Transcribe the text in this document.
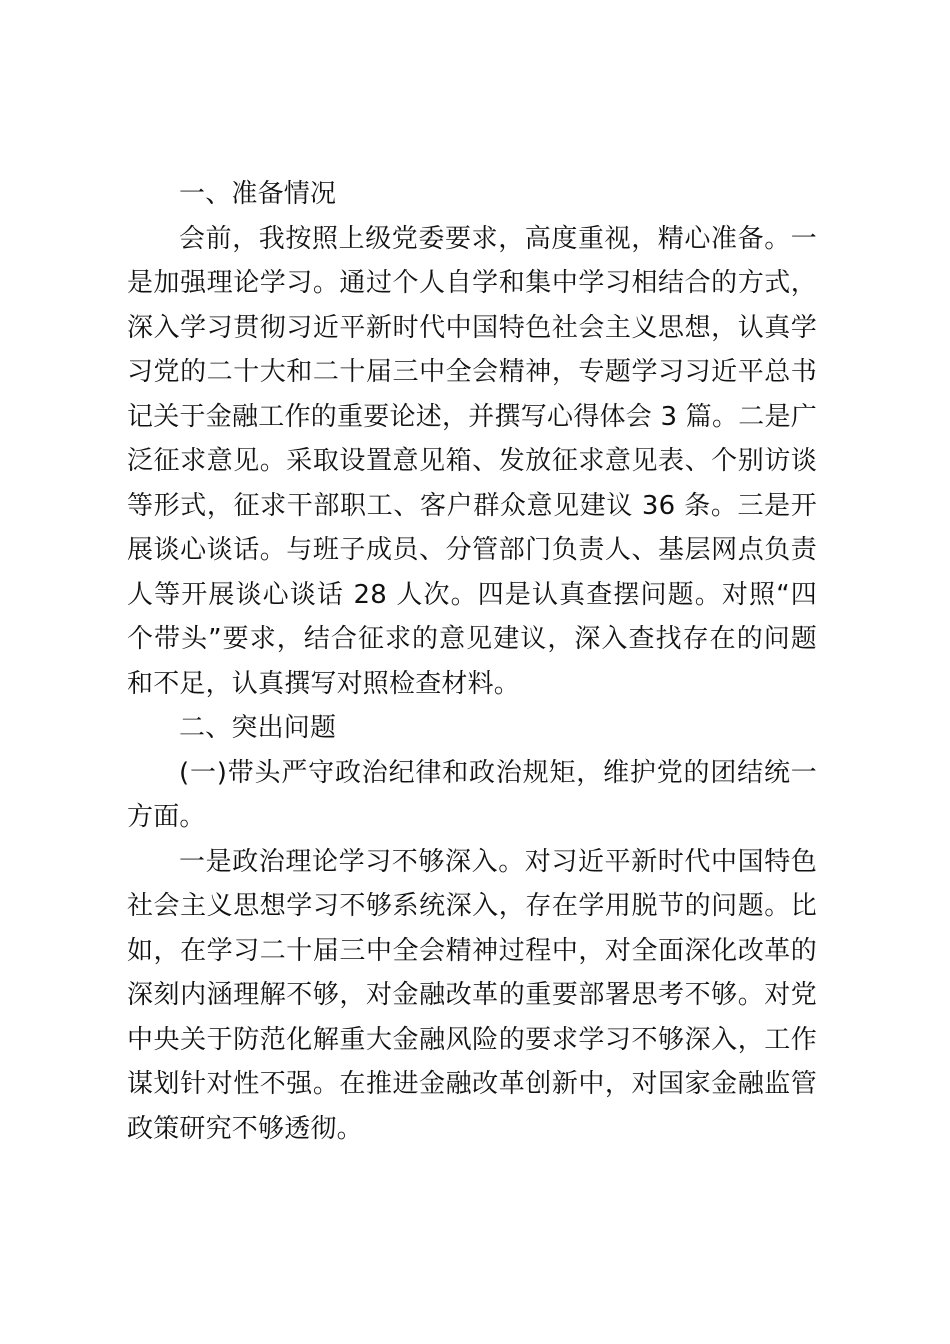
一、准备情况

会前，我按照上级党委要求，高度重视，精心准备。一是加强理论学习。通过个人自学和集中学习相结合的方式，深入学习贯彻习近平新时代中国特色社会主义思想，认真学习党的二十大和二十届三中全会精神，专题学习习近平总书记关于金融工作的重要论述，并撰写心得体会 3 篇。二是广泛征求意见。采取设置意见箱、发放征求意见表、个别访谈等形式，征求干部职工、客户群众意见建议 36 条。三是开展谈心谈话。与班子成员、分管部门负责人、基层网点负责人等开展谈心谈话 28 人次。四是认真查摆问题。对照“四个带头”要求，结合征求的意见建议，深入查找存在的问题和不足，认真撰写对照检查材料。

二、突出问题

(一)带头严守政治纪律和政治规矩，维护党的团结统一方面。

一是政治理论学习不够深入。对习近平新时代中国特色社会主义思想学习不够系统深入，存在学用脱节的问题。比如，在学习二十届三中全会精神过程中，对全面深化改革的深刻内涵理解不够，对金融改革的重要部署思考不够。对党中央关于防范化解重大金融风险的要求学习不够深入，工作谋划针对性不强。在推进金融改革创新中，对国家金融监管政策研究不够透彻。
